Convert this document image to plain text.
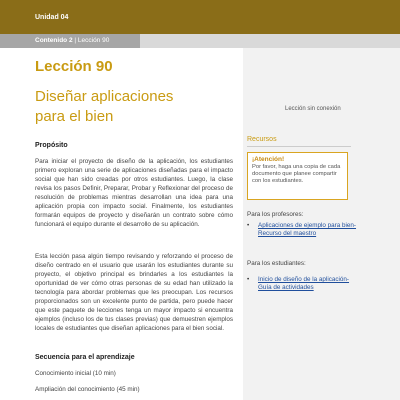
Unidad 04
Contenido 2 | Lección 90
Lección 90
Diseñar aplicaciones
para el bien
Propósito
Para iniciar el proyecto de diseño de la aplicación, los estudiantes primero exploran una serie de aplicaciones diseñadas para el impacto social que han sido creadas por otros estudiantes. Luego, la clase revisa los pasos Definir, Preparar, Probar y Reflexionar del proceso de resolución de problemas mientras desarrollan una idea para una aplicación propia con impacto social. Finalmente, los estudiantes formarán equipos de proyecto y diseñarán un contrato sobre cómo funcionará el equipo durante el desarrollo de su aplicación.
Esta lección pasa algún tiempo revisando y reforzando el proceso de diseño centrado en el usuario que usarán los estudiantes durante su proyecto, el objetivo principal es brindarles a los estudiantes la oportunidad de ver cómo otras personas de su edad han utilizado la tecnología para abordar problemas que les preocupan. Los recursos proporcionados son un excelente punto de partida, pero puede hacer que este paquete de lecciones tenga un mayor impacto si encuentra ejemplos (incluso los de tus clases previas) que demuestren ejemplos locales de estudiantes que diseñan aplicaciones para el bien social.
Secuencia para el aprendizaje
Conocimiento inicial (10 min)
Ampliación del conocimiento (45 min)
Lección sin conexión
Recursos
¡Atención!
Por favor, haga una copia de cada documento que planee compartir con los estudiantes.
Para los profesores:
•	Aplicaciones de ejemplo para bien- Recurso del maestro
Para los estudiantes:
•	Inicio de diseño de la aplicación- Guía de actividades
